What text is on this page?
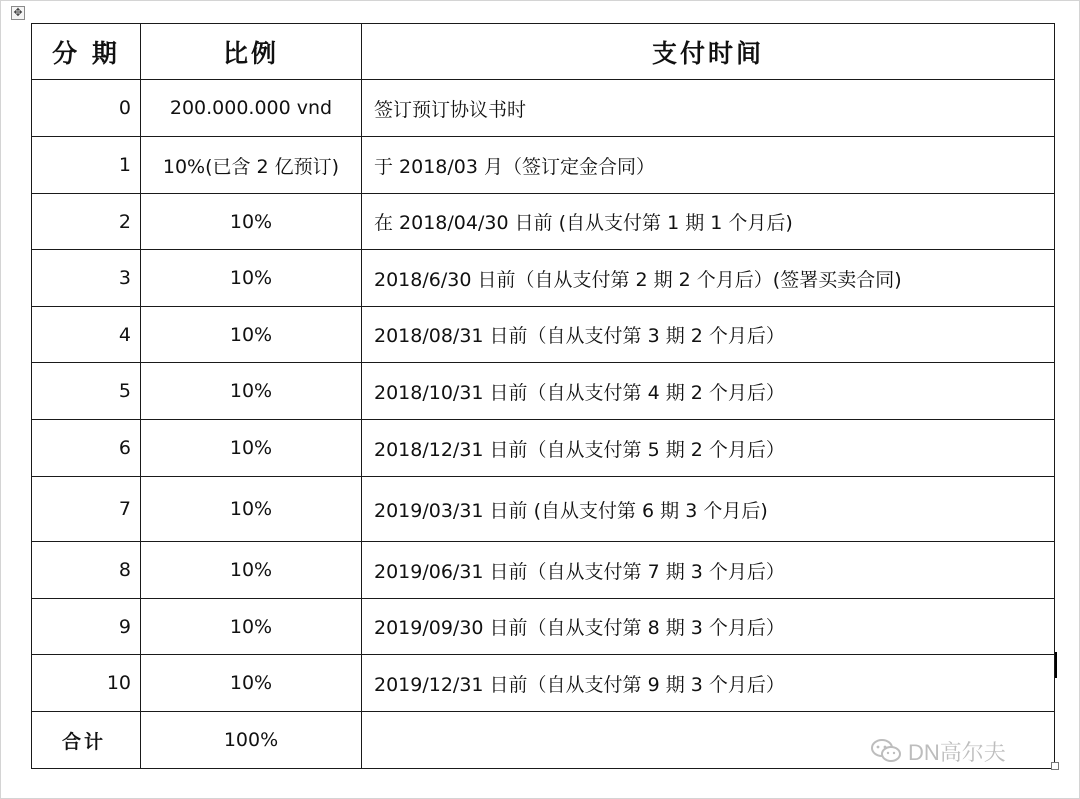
✥
分 期	比例	支付时间
0	200.000.000 vnd	签订预订协议书时
1	10%(已含 2 亿预订)	于 2018/03 月（签订定金合同）
2	10%	在 2018/04/30 日前 (自从支付第 1 期 1 个月后)
3	10%	2018/6/30 日前（自从支付第 2 期 2 个月后）(签署买卖合同)
4	10%	2018/08/31 日前（自从支付第 3 期 2 个月后）
5	10%	2018/10/31 日前（自从支付第 4 期 2 个月后）
6	10%	2018/12/31 日前（自从支付第 5 期 2 个月后）
7	10%	2019/03/31 日前 (自从支付第 6 期 3 个月后)
8	10%	2019/06/31 日前（自从支付第 7 期 3 个月后）
9	10%	2019/09/30 日前（自从支付第 8 期 3 个月后）
10	10%	2019/12/31 日前（自从支付第 9 期 3 个月后）
合计	100%		DN高尔夫
